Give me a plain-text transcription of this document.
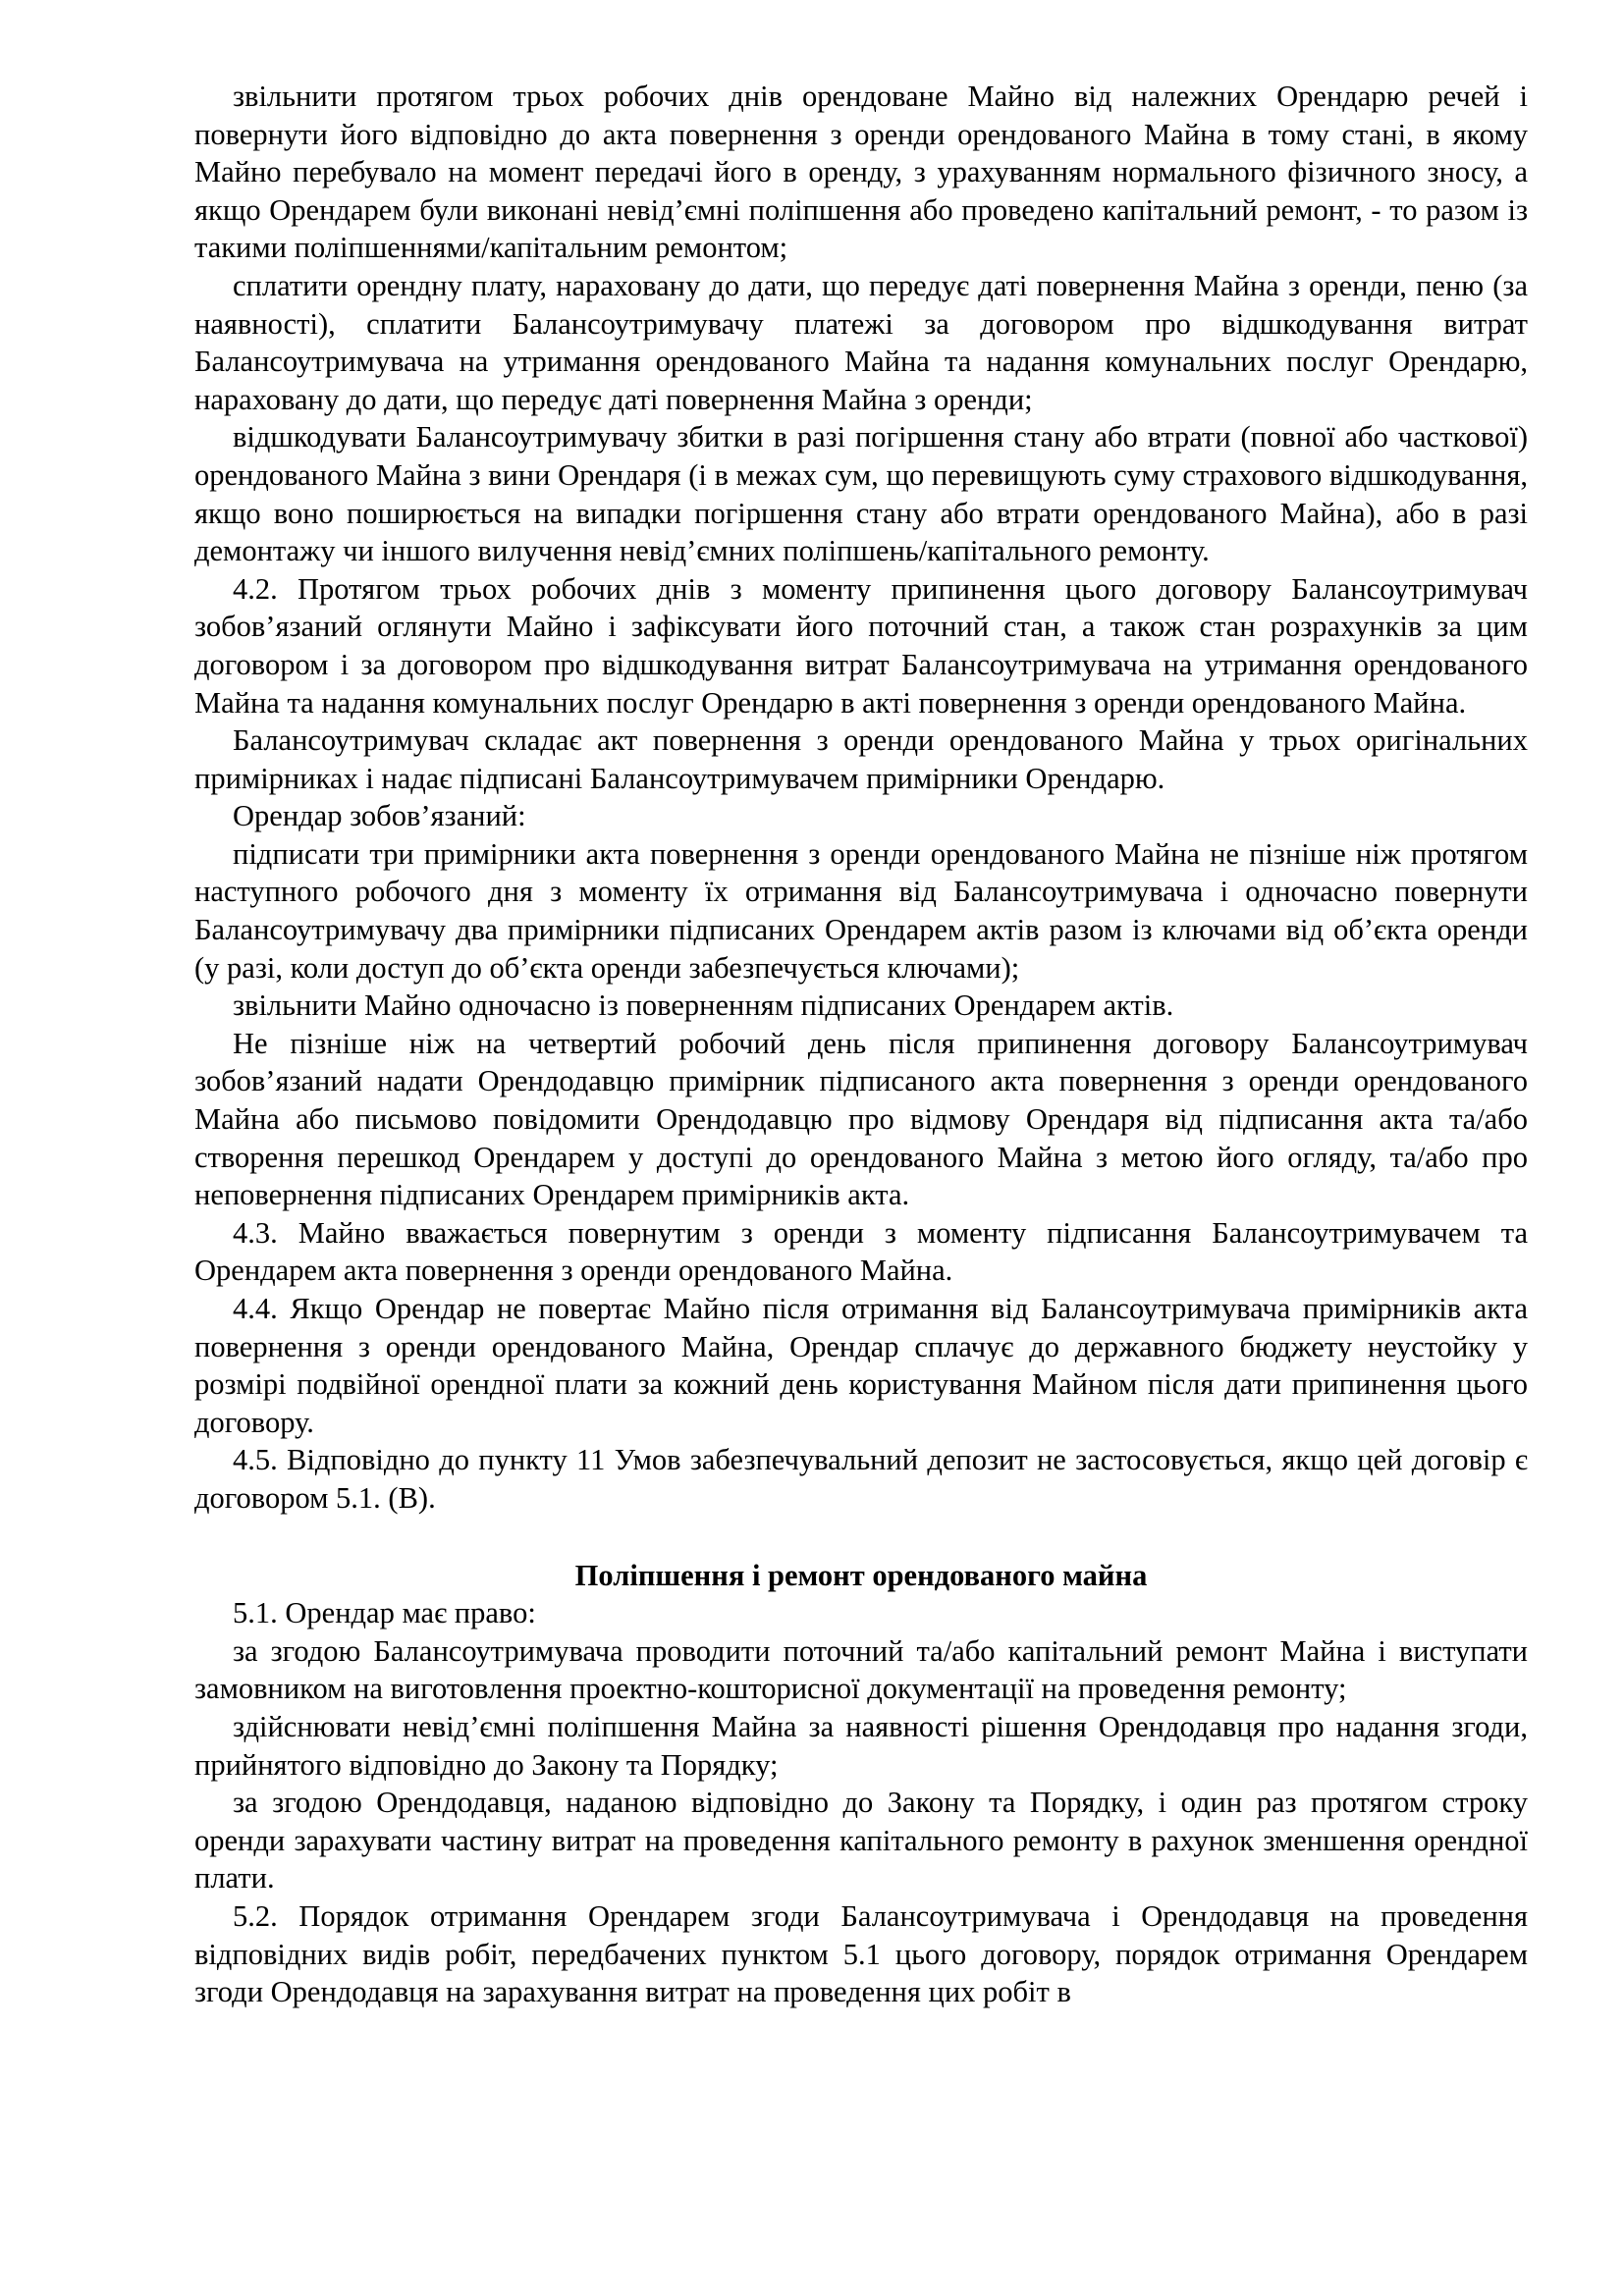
звільнити протягом трьох робочих днів орендоване Майно від належних Орендарю речей і повернути його відповідно до акта повернення з оренди орендованого Майна в тому стані, в якому Майно перебувало на момент передачі його в оренду, з урахуванням нормального фізичного зносу, а якщо Орендарем були виконані невід’ємні поліпшення або проведено капітальний ремонт, - то разом із такими поліпшеннями/капітальним ремонтом;

сплатити орендну плату, нараховану до дати, що передує даті повернення Майна з оренди, пеню (за наявності), сплатити Балансоутримувачу платежі за договором про відшкодування витрат Балансоутримувача на утримання орендованого Майна та надання комунальних послуг Орендарю, нараховану до дати, що передує даті повернення Майна з оренди;

відшкодувати Балансоутримувачу збитки в разі погіршення стану або втрати (повної або часткової) орендованого Майна з вини Орендаря (і в межах сум, що перевищують суму страхового відшкодування, якщо воно поширюється на випадки погіршення стану або втрати орендованого Майна), або в разі демонтажу чи іншого вилучення невід’ємних поліпшень/капітального ремонту.

4.2. Протягом трьох робочих днів з моменту припинення цього договору Балансоутримувач зобов’язаний оглянути Майно і зафіксувати його поточний стан, а також стан розрахунків за цим договором і за договором про відшкодування витрат Балансоутримувача на утримання орендованого Майна та надання комунальних послуг Орендарю в акті повернення з оренди орендованого Майна.

Балансоутримувач складає акт повернення з оренди орендованого Майна у трьох оригінальних примірниках і надає підписані Балансоутримувачем примірники Орендарю.

Орендар зобов’язаний:

підписати три примірники акта повернення з оренди орендованого Майна не пізніше ніж протягом наступного робочого дня з моменту їх отримання від Балансоутримувача і одночасно повернути Балансоутримувачу два примірники підписаних Орендарем актів разом із ключами від об’єкта оренди (у разі, коли доступ до об’єкта оренди забезпечується ключами);

звільнити Майно одночасно із поверненням підписаних Орендарем актів.

Не пізніше ніж на четвертий робочий день після припинення договору Балансоутримувач зобов’язаний надати Орендодавцю примірник підписаного акта повернення з оренди орендованого Майна або письмово повідомити Орендодавцю про відмову Орендаря від підписання акта та/або створення перешкод Орендарем у доступі до орендованого Майна з метою його огляду, та/або про неповернення підписаних Орендарем примірників акта.

4.3. Майно вважається повернутим з оренди з моменту підписання Балансоутримувачем та Орендарем акта повернення з оренди орендованого Майна.

4.4. Якщо Орендар не повертає Майно після отримання від Балансоутримувача примірників акта повернення з оренди орендованого Майна, Орендар сплачує до державного бюджету неустойку у розмірі подвійної орендної плати за кожний день користування Майном після дати припинення цього договору.

4.5. Відповідно до пункту 11 Умов забезпечувальний депозит не застосовується, якщо цей договір є договором 5.1. (В).

Поліпшення і ремонт орендованого майна

5.1. Орендар має право:

за згодою Балансоутримувача проводити поточний та/або капітальний ремонт Майна і виступати замовником на виготовлення проектно-кошторисної документації на проведення ремонту;

здійснювати невід’ємні поліпшення Майна за наявності рішення Орендодавця про надання згоди, прийнятого відповідно до Закону та Порядку;

за згодою Орендодавця, наданою відповідно до Закону та Порядку, і один раз протягом строку оренди зарахувати частину витрат на проведення капітального ремонту в рахунок зменшення орендної плати.

5.2. Порядок отримання Орендарем згоди Балансоутримувача і Орендодавця на проведення відповідних видів робіт, передбачених пунктом 5.1 цього договору, порядок отримання Орендарем згоди Орендодавця на зарахування витрат на проведення цих робіт в
